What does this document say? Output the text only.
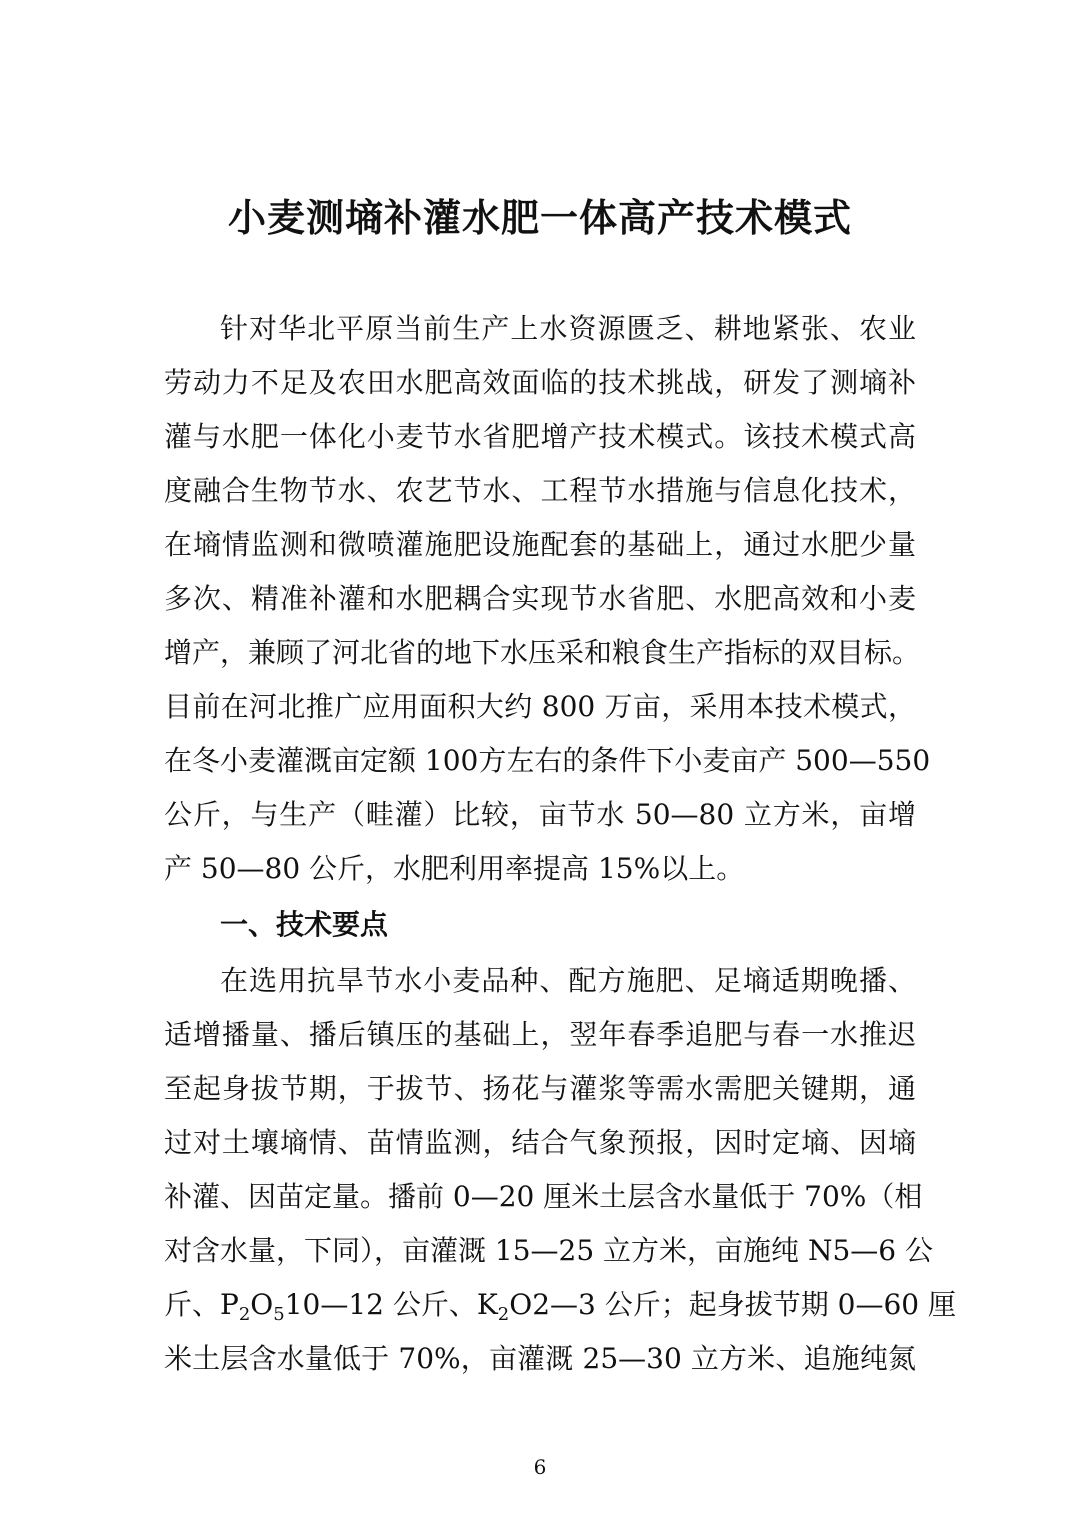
小麦测墒补灌水肥一体高产技术模式
针对华北平原当前生产上水资源匮乏、耕地紧张、农业
劳动力不足及农田水肥高效面临的技术挑战，研发了测墒补
灌与水肥一体化小麦节水省肥增产技术模式。该技术模式高
度融合生物节水、农艺节水、工程节水措施与信息化技术，
在墒情监测和微喷灌施肥设施配套的基础上，通过水肥少量
多次、精准补灌和水肥耦合实现节水省肥、水肥高效和小麦
增产，兼顾了河北省的地下水压采和粮食生产指标的双目标。
目前在河北推广应用面积大约 800 万亩，采用本技术模式，
在冬小麦灌溉亩定额 100方左右的条件下小麦亩产 500—550
公斤，与生产（畦灌）比较，亩节水 50—80 立方米，亩增
产 50—80 公斤，水肥利用率提高 15%以上。
一、技术要点
在选用抗旱节水小麦品种、配方施肥、足墒适期晚播、
适增播量、播后镇压的基础上，翌年春季追肥与春一水推迟
至起身拔节期，于拔节、扬花与灌浆等需水需肥关键期，通
过对土壤墒情、苗情监测，结合气象预报，因时定墒、因墒
补灌、因苗定量。播前 0—20 厘米土层含水量低于 70%（相
对含水量，下同），亩灌溉 15—25 立方米，亩施纯 N5—6 公
斤、$P_2O_510—12$ 公斤、$K_2O2—3$ 公斤；起身拔节期 0—60 厘
米土层含水量低于 70%，亩灌溉 25—30 立方米、追施纯氮
6
